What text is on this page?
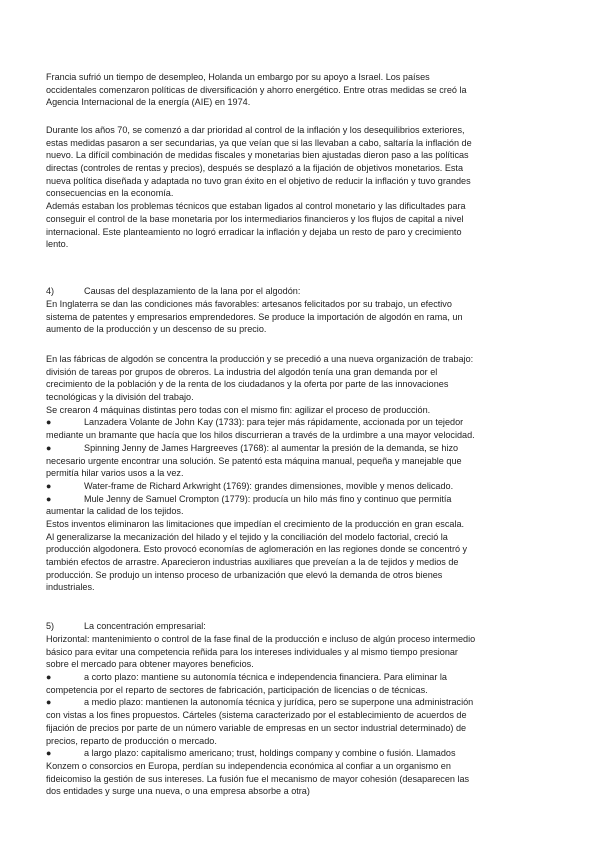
Francia sufrió un tiempo de desempleo, Holanda un embargo por su apoyo a Israel. Los países
occidentales comenzaron políticas de diversificación y ahorro energético. Entre otras medidas se creó la
Agencia Internacional de la energía (AIE) en 1974.
Durante los años 70, se comenzó a dar prioridad al control de la inflación y los desequilibrios exteriores,
estas medidas pasaron a ser secundarias, ya que veían que si las llevaban a cabo, saltaría la inflación de
nuevo. La difícil combinación de medidas fiscales y monetarias bien ajustadas dieron paso a las políticas
directas (controles de rentas y precios), después se desplazó a la fijación de objetivos monetarios. Esta
nueva política diseñada y adaptada no tuvo gran éxito en el objetivo de reducir la inflación y tuvo grandes
consecuencias en la economía.
Además estaban los problemas técnicos que estaban ligados al control monetario y las dificultades para
conseguir el control de la base monetaria por los intermediarios financieros y los flujos de capital a nivel
internacional. Este planteamiento no logró erradicar la inflación y dejaba un resto de paro y crecimiento
lento.
4)	Causas del desplazamiento de la lana por el algodón:
En Inglaterra se dan las condiciones más favorables: artesanos felicitados por su trabajo, un efectivo
sistema de patentes y empresarios emprendedores. Se produce la importación de algodón en rama, un
aumento de la producción y un descenso de su precio.
En las fábricas de algodón se concentra la producción y se precedió a una nueva organización de trabajo:
división de tareas por grupos de obreros. La industria del algodón tenía una gran demanda por el
crecimiento de la población y de la renta de los ciudadanos y la oferta por parte de las innovaciones
tecnológicas y la división del trabajo.
Se crearon 4 máquinas distintas pero todas con el mismo fin: agilizar el proceso de producción.
●	Lanzadera Volante de John Kay (1733): para tejer más rápidamente, accionada por un tejedor
mediante un bramante que hacía que los hilos discurrieran a través de la urdimbre a una mayor velocidad.
●	Spinning Jenny de James Hargreeves (1768): al aumentar la presión de la demanda, se hizo
necesario urgente encontrar una solución. Se patentó esta máquina manual, pequeña y manejable que
permitía hilar varios usos a la vez.
●	Water-frame de Richard Arkwright (1769): grandes dimensiones, movible y menos delicado.
●	Mule Jenny de Samuel Crompton (1779): producía un hilo más fino y continuo que permitía
aumentar la calidad de los tejidos.
Estos inventos eliminaron las limitaciones que impedían el crecimiento de la producción en gran escala.
Al generalizarse la mecanización del hilado y el tejido y la conciliación del modelo factorial, creció la
producción algodonera. Esto provocó economías de aglomeración en las regiones donde se concentró y
también efectos de arrastre. Aparecieron industrias auxiliares que preveían a la de tejidos y medios de
producción. Se produjo un intenso proceso de urbanización que elevó la demanda de otros bienes
industriales.
5)	La concentración empresarial:
Horizontal: mantenimiento o control de la fase final de la producción e incluso de algún proceso intermedio
básico para evitar una competencia reñida para los intereses individuales y al mismo tiempo presionar
sobre el mercado para obtener mayores beneficios.
●	a corto plazo: mantiene su autonomía técnica e independencia financiera. Para eliminar la
competencia por el reparto de sectores de fabricación, participación de licencias o de técnicas.
●	a medio plazo: mantienen la autonomía técnica y jurídica, pero se superpone una administración
con vistas a los fines propuestos. Cárteles (sistema caracterizado por el establecimiento de acuerdos de
fijación de precios por parte de un número variable de empresas en un sector industrial determinado) de
precios, reparto de producción o mercado.
●	a largo plazo: capitalismo americano; trust, holdings company y combine o fusión. Llamados
Konzem o consorcios en Europa, perdían su independencia económica al confiar a un organismo en
fideicomiso la gestión de sus intereses. La fusión fue el mecanismo de mayor cohesión (desaparecen las
dos entidades y surge una nueva, o una empresa absorbe a otra)
